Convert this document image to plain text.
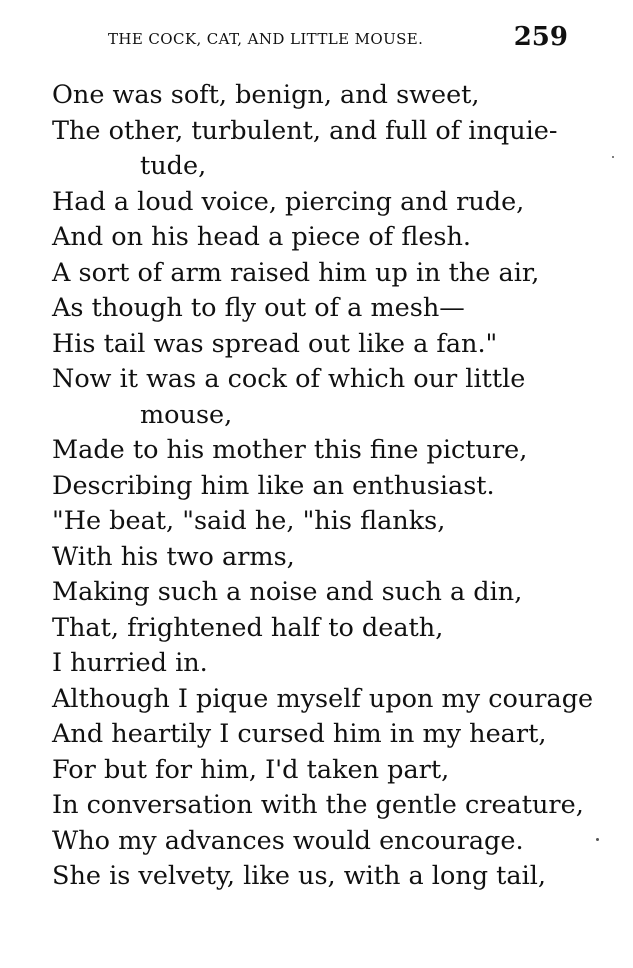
THE COCK, CAT, AND LITTLE MOUSE.	259
One was soft, benign, and sweet,
The other, turbulent, and full of inquie-
tude,
Had a loud voice, piercing and rude,
And on his head a piece of flesh.
A sort of arm raised him up in the air,
As though to fly out of a mesh—
His tail was spread out like a fan."
Now it was a cock of which our little
mouse,
Made to his mother this fine picture,
Describing him like an enthusiast.
"He beat, "said he, "his flanks,
With his two arms,
Making such a noise and such a din,
That, frightened half to death,
I hurried in.
Although I pique myself upon my courage
And heartily I cursed him in my heart,
For but for him, I'd taken part,
In conversation with the gentle creature,
Who my advances would encourage.
She is velvety, like us, with a long tail,
